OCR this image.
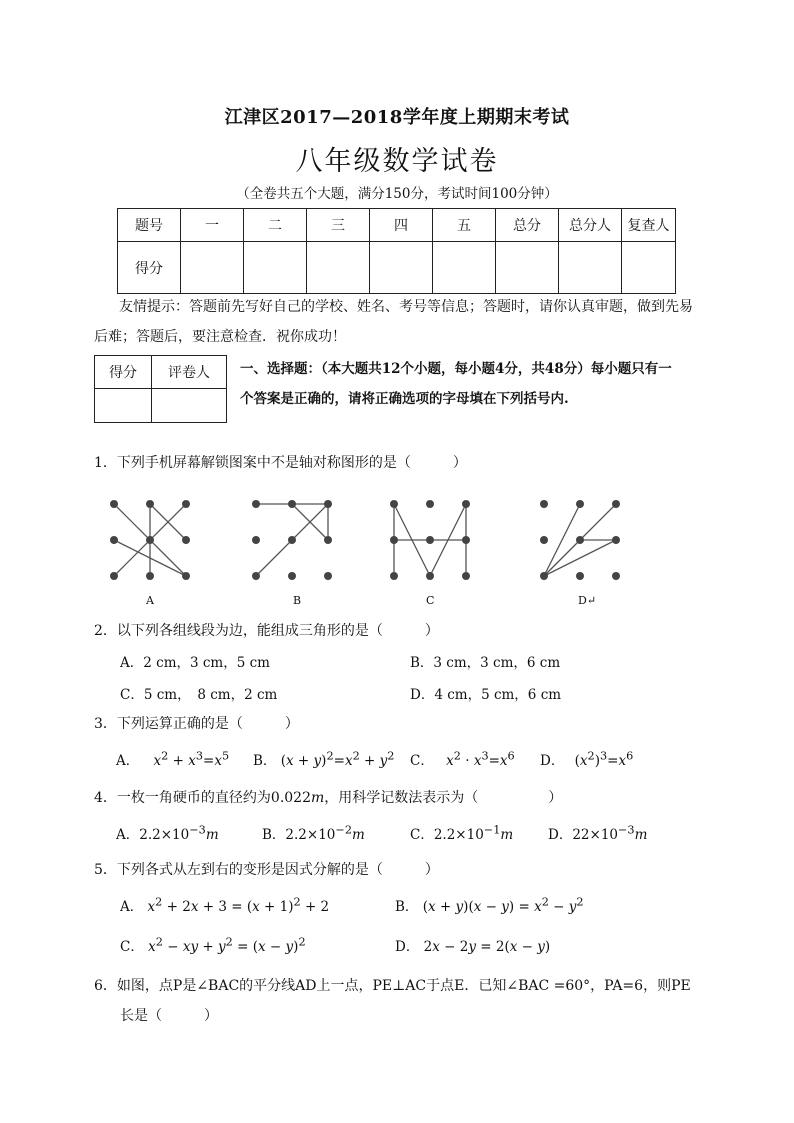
江津区2017—2018学年度上期期末考试
八年级数学试卷
（全卷共五个大题，满分150分，考试时间100分钟）
题号	一	二	三	四	五	总分	总分人	复查人
得分								
友情提示：答题前先写好自己的学校、姓名、考号等信息；答题时，请你认真审题，做到先易
后难；答题后，要注意检查．祝你成功！
得分	评卷人
	一、选择题：（本大题共12个小题，每小题4分，共48分）每小题只有一
个答案是正确的，请将正确选项的字母填在下列括号内.
1．下列手机屏幕解锁图案中不是轴对称图形的是（　　　）
A	B	C	D↵
2．以下列各组线段为边，能组成三角形的是（　　　）
A．2 cm，3 cm，5 cm	B．3 cm，3 cm，6 cm
C．5 cm，　8 cm，2 cm	D．4 cm，5 cm，6 cm
3．下列运算正确的是（　　　）
A． $x^2 + x^3=x^5$ B． $(x + y)^2=x^2 + y^2$ C． $x^2 \cdot x^3=x^6$ D． $(x^2)^3=x^6$
4．一枚一角硬币的直径约为0.022m，用科学记数法表示为（　　　　　）
A．$2.2\times 10^{-3}m$	B．$2.2\times 10^{-2}m$	C．$2.2\times 10^{-1}m$	D．$22\times 10^{-3}m$
5．下列各式从左到右的变形是因式分解的是（　　　）
A． $x^2 + 2x + 3 = (x + 1)^2 + 2$	B． $(x + y)(x - y) = x^2 - y^2$
C． $x^2$ − xy + $y^2 = (x - y)^2$	D． 2x − 2y = 2(x − y)
6．如图，点P是∠BAC的平分线AD上一点，PE⊥AC于点E．已知∠BAC =60°，PA=6，则PE
长是（　　　）
